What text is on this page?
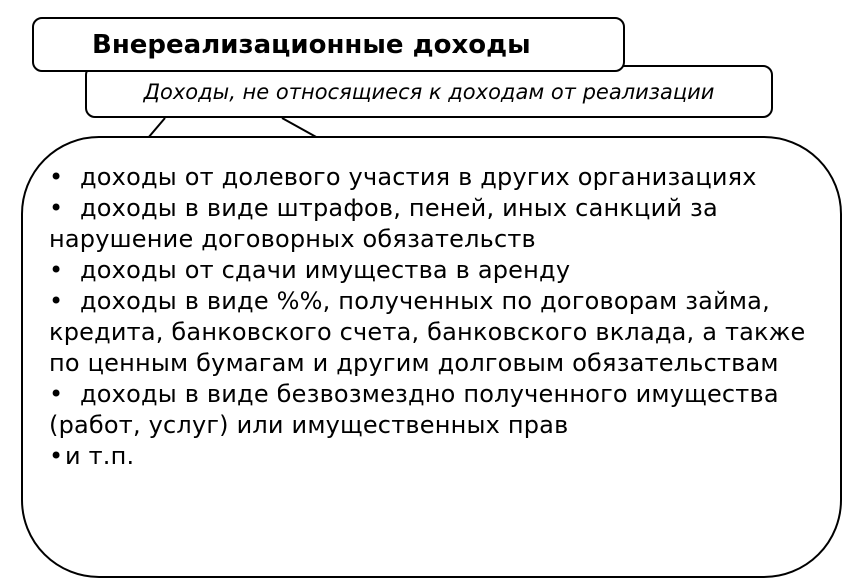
• доходы от долевого участия в других организациях
• доходы в виде штрафов, пеней, иных санкций за нарушение договорных обязательств
• доходы от сдачи имущества в аренду
• доходы в виде %%, полученных по договорам займа, кредита, банковского счета, банковского вклада, а также по ценным бумагам и другим долговым обязательствам
• доходы в виде безвозмездно полученного имущества (работ, услуг) или имущественных прав
•и т.п.
Доходы, не относящиеся к доходам от реализации
Внереализационные доходы
